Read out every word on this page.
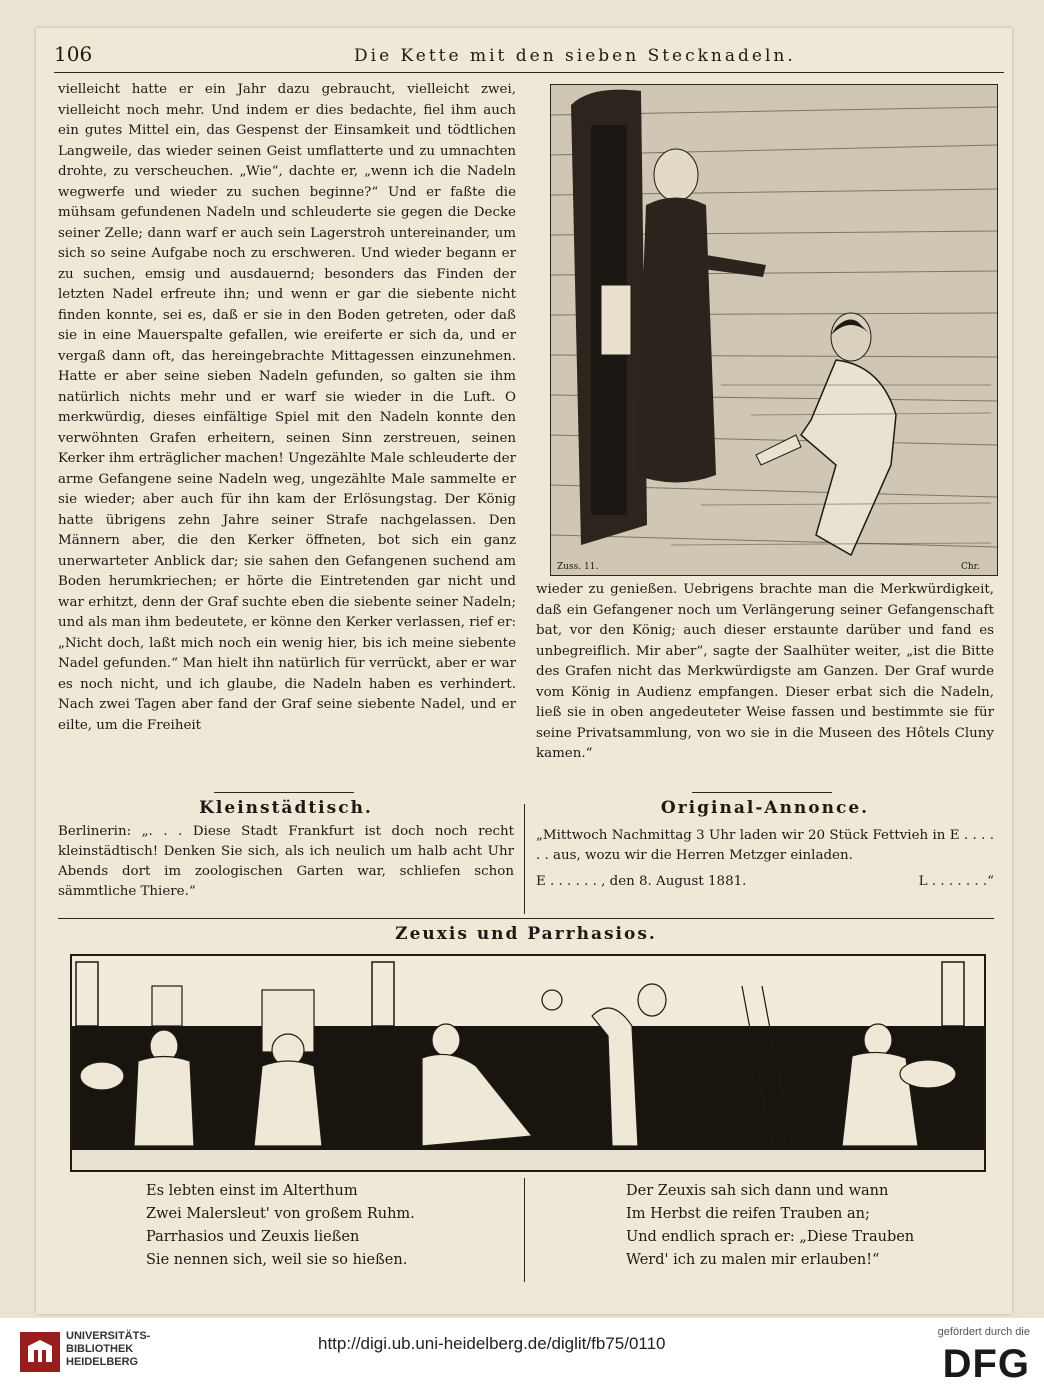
106	Die Kette mit den sieben Stecknadeln.

vielleicht hatte er ein Jahr dazu gebraucht, vielleicht zwei, vielleicht noch mehr. Und indem er dies bedachte, fiel ihm auch ein gutes Mittel ein, das Gespenst der Einsamkeit und tödtlichen Langweile, das wieder seinen Geist umflatterte und zu umnachten drohte, zu verscheuchen. „Wie“, dachte er, „wenn ich die Nadeln wegwerfe und wieder zu suchen beginne?“ Und er faßte die mühsam gefundenen Nadeln und schleuderte sie gegen die Decke seiner Zelle; dann warf er auch sein Lagerstroh untereinander, um sich so seine Aufgabe noch zu erschweren. Und wieder begann er zu suchen, emsig und ausdauernd; besonders das Finden der letzten Nadel erfreute ihn; und wenn er gar die siebente nicht finden konnte, sei es, daß er sie in den Boden getreten, oder daß sie in eine Mauerspalte gefallen, wie ereiferte er sich da, und er vergaß dann oft, das hereingebrachte Mittagessen einzunehmen. Hatte er aber seine sieben Nadeln gefunden, so galten sie ihm natürlich nichts mehr und er warf sie wieder in die Luft. O merkwürdig, dieses einfältige Spiel mit den Nadeln konnte den verwöhnten Grafen erheitern, seinen Sinn zerstreuen, seinen Kerker ihm erträglicher machen! Ungezählte Male schleuderte der arme Gefangene seine Nadeln weg, ungezählte Male sammelte er sie wieder; aber auch für ihn kam der Erlösungstag. Der König hatte übrigens zehn Jahre seiner Strafe nachgelassen. Den Männern aber, die den Kerker öffneten, bot sich ein ganz unerwarteter Anblick dar; sie sahen den Gefangenen suchend am Boden herumkriechen; er hörte die Eintretenden gar nicht und war erhitzt, denn der Graf suchte eben die siebente seiner Nadeln; und als man ihm bedeutete, er könne den Kerker verlassen, rief er: „Nicht doch, laßt mich noch ein wenig hier, bis ich meine siebente Nadel gefunden.“ Man hielt ihn natürlich für verrückt, aber er war es noch nicht, und ich glaube, die Nadeln haben es verhindert. Nach zwei Tagen aber fand der Graf seine siebente Nadel, und er eilte, um die Freiheit

Zuss. 11.	Chr.

wieder zu genießen. Uebrigens brachte man die Merkwürdigkeit, daß ein Gefangener noch um Verlängerung seiner Gefangenschaft bat, vor den König; auch dieser erstaunte darüber und fand es unbegreiflich. Mir aber“, sagte der Saalhüter weiter, „ist die Bitte des Grafen nicht das Merkwürdigste am Ganzen. Der Graf wurde vom König in Audienz empfangen. Dieser erbat sich die Nadeln, ließ sie in oben angedeuteter Weise fassen und bestimmte sie für seine Privatsammlung, von wo sie in die Museen des Hôtels Cluny kamen.“

Kleinstädtisch.

Berlinerin: „. . . Diese Stadt Frankfurt ist doch noch recht kleinstädtisch! Denken Sie sich, als ich neulich um halb acht Uhr Abends dort im zoologischen Garten war, schliefen schon sämmtliche Thiere.“

Original-Annonce.

„Mittwoch Nachmittag 3 Uhr laden wir 20 Stück Fettvieh in E . . . . . . aus, wozu wir die Herren Metzger einladen.

E . . . . . . , den 8. August 1881.	L . . . . . . .“

Zeuxis und Parrhasios.
Es lebten einst im Alterthum
Zwei Malersleut' von großem Ruhm.
Parrhasios und Zeuxis ließen
Sie nennen sich, weil sie so hießen.
Der Zeuxis sah sich dann und wann
Im Herbst die reifen Trauben an;
Und endlich sprach er: „Diese Trauben
Werd' ich zu malen mir erlauben!“
UNIVERSITÄTS-
BIBLIOTHEK
HEIDELBERG
http://digi.ub.uni-heidelberg.de/diglit/fb75/0110
gefördert durch die
DFG
